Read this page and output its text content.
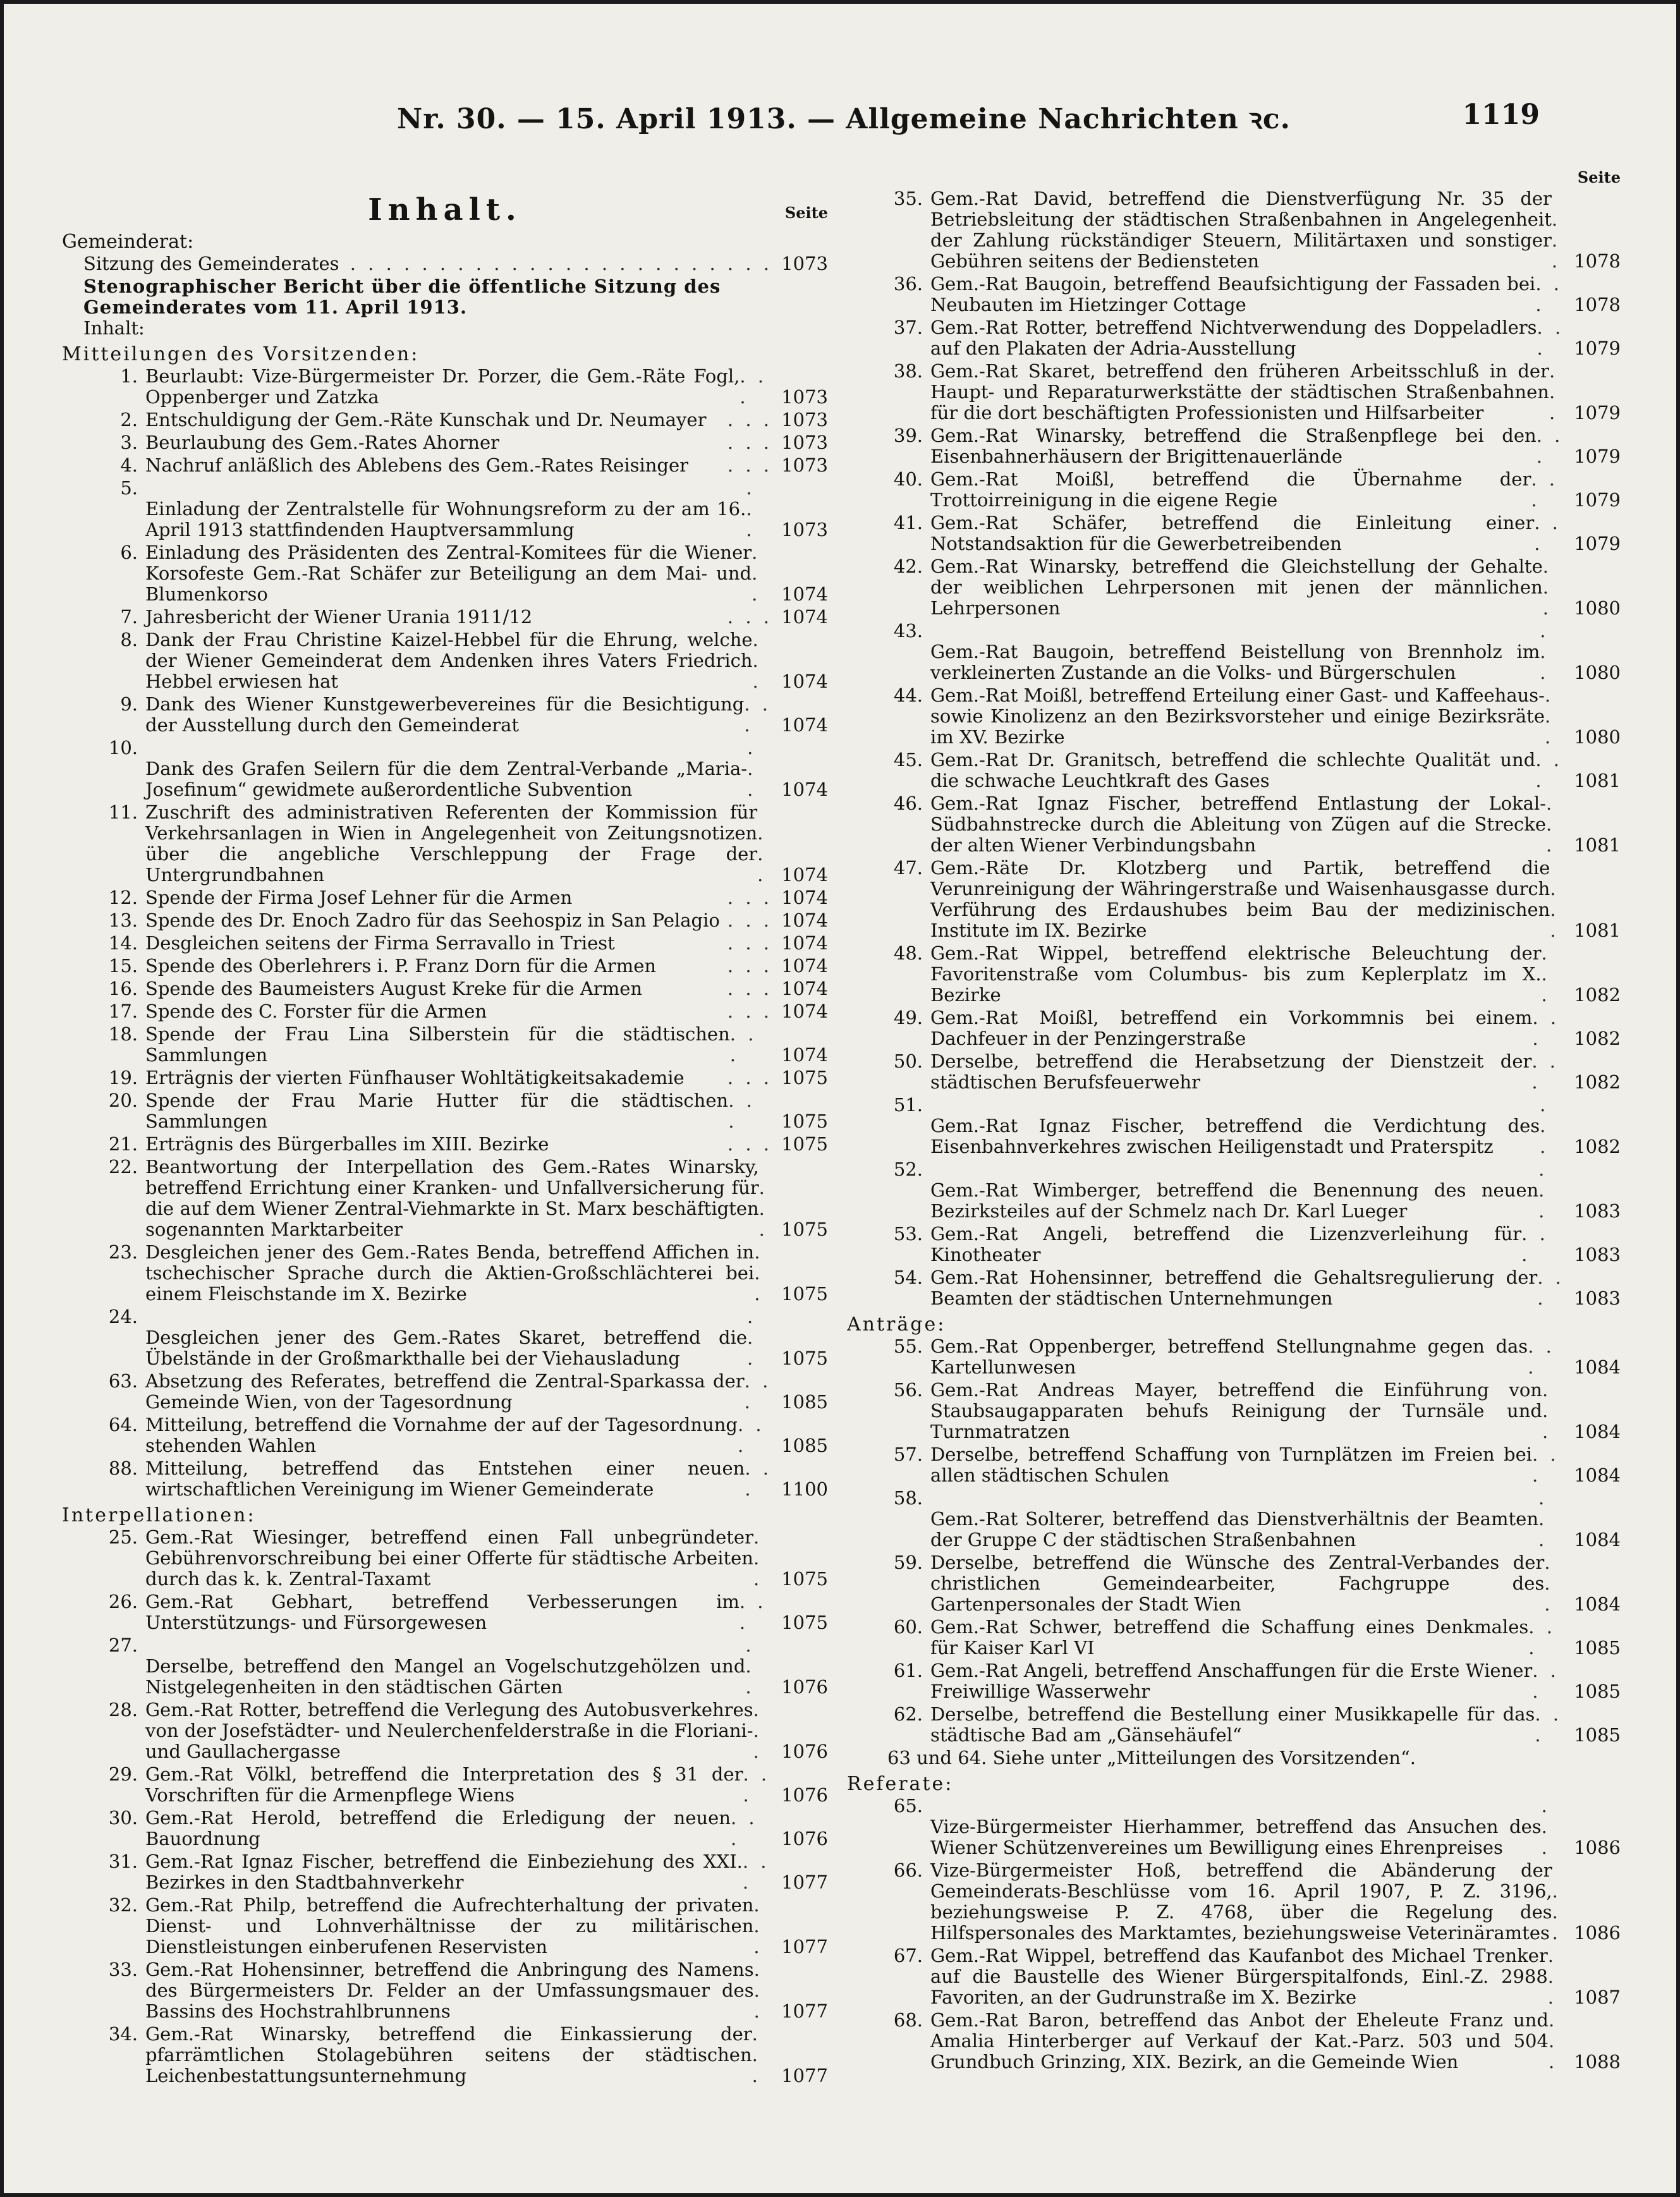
Nr. 30. — 15. April 1913. — Allgemeine Nachrichten ꝛc.	1119
Inhalt.	Seite
Gemeinderat:
Sitzung des Gemeinderates . . . . . . . . . . . . . . . . . . . . . . . . 1073
Stenographischer Bericht über die öffentliche Sitzung des Gemeinderates vom 11. April 1913.
Inhalt:
Mitteilungen des Vorsitzenden:
1. Beurlaubt: Vize-Bürgermeister Dr. Porzer, die Gem.-Räte Fogl, Oppenberger und Zatzka
. . .	1073
2. Entschuldigung der Gem.-Räte Kunschak und Dr. Neumayer	. . . 1073
3. Beurlaubung des Gem.-Rates Ahorner	. . . 1073
4. Nachruf anläßlich des Ablebens des Gem.-Rates Reisinger	. . . 1073
5.
Einladung der Zentralstelle für Wohnungsreform zu der am 16. April 1913 stattfindenden Hauptversammlung
. . .	1073
6. Einladung des Präsidenten des Zentral-Komitees für die Wiener Korsofeste Gem.-Rat Schäfer zur Beteiligung an dem Mai- und Blumenkorso
. . .	1074
7. Jahresbericht der Wiener Urania 1911/12	. . . 1074
8. Dank der Frau Christine Kaizel-Hebbel für die Ehrung, welche der Wiener Gemeinderat dem Andenken ihres Vaters Friedrich Hebbel erwiesen hat
. . .	1074
9. Dank des Wiener Kunstgewerbevereines für die Besichtigung der Ausstellung durch den Gemeinderat
. . .	1074
10.
Dank des Grafen Seilern für die dem Zentral-Verbande „Maria-Josefinum“ gewidmete außerordentliche Subvention
. . .	1074
11. Zuschrift des administrativen Referenten der Kommission für Verkehrsanlagen in Wien in Angelegenheit von Zeitungsnotizen über die angebliche Verschleppung der Frage der Untergrundbahnen
. . . 1074
12. Spende der Firma Josef Lehner für die Armen	. . . 1074
13. Spende des Dr. Enoch Zadro für das Seehospiz in San Pelagio . . . 1074
14. Desgleichen seitens der Firma Serravallo in Triest	. . . 1074
15. Spende des Oberlehrers i. P. Franz Dorn für die Armen	. . . 1074
16. Spende des Baumeisters August Kreke für die Armen	. . . 1074
17. Spende des C. Forster für die Armen	. . . 1074
18. Spende der Frau Lina Silberstein für die städtischen Sammlungen
. . .	1074
19. Erträgnis der vierten Fünfhauser Wohltätigkeitsakademie	. . . 1075
20. Spende der Frau Marie Hutter für die städtischen Sammlungen
. . .	1075
21. Erträgnis des Bürgerballes im XIII. Bezirke	. . . 1075
22. Beantwortung der Interpellation des Gem.-Rates Winarsky, betreffend Errichtung einer Kranken- und Unfallversicherung für die auf dem Wiener Zentral-Viehmarkte in St. Marx beschäftigten sogenannten Marktarbeiter
. . . 1075
23. Desgleichen jener des Gem.-Rates Benda, betreffend Affichen in tschechischer Sprache durch die Aktien-Großschlächterei bei einem Fleischstande im X. Bezirke
. . . 1075
24.
Desgleichen jener des Gem.-Rates Skaret, betreffend die Übelstände in der Großmarkthalle bei der Viehausladung
. . .	1075
63. Absetzung des Referates, betreffend die Zentral-Sparkassa der Gemeinde Wien, von der Tagesordnung
. . .	1085
64. Mitteilung, betreffend die Vornahme der auf der Tagesordnung stehenden Wahlen
. . .	1085
88. Mitteilung, betreffend das Entstehen einer neuen wirtschaftlichen Vereinigung im Wiener Gemeinderate
. . .	1100
Interpellationen:
25. Gem.-Rat Wiesinger, betreffend einen Fall unbegründeter Gebührenvorschreibung bei einer Offerte für städtische Arbeiten durch das k. k. Zentral-Taxamt
. . .	1075
26. Gem.-Rat Gebhart, betreffend Verbesserungen im Unterstützungs- und Fürsorgewesen
. . .	1075
27.
Derselbe, betreffend den Mangel an Vogelschutzgehölzen und Nistgelegenheiten in den städtischen Gärten
. . .	1076
28. Gem.-Rat Rotter, betreffend die Verlegung des Autobusverkehres von der Josefstädter- und Neulerchenfelderstraße in die Floriani- und Gaullachergasse
. . .	1076
29. Gem.-Rat Völkl, betreffend die Interpretation des § 31 der Vorschriften für die Armenpflege Wiens
. . .	1076
30. Gem.-Rat Herold, betreffend die Erledigung der neuen Bauordnung
. . .	1076
31. Gem.-Rat Ignaz Fischer, betreffend die Einbeziehung des XXI. Bezirkes in den Stadtbahnverkehr
. . .	1077
32. Gem.-Rat Philp, betreffend die Aufrechterhaltung der privaten Dienst- und Lohnverhältnisse der zu militärischen Dienstleistungen einberufenen Reservisten
. . .	1077
33. Gem.-Rat Hohensinner, betreffend die Anbringung des Namens des Bürgermeisters Dr. Felder an der Umfassungsmauer des Bassins des Hochstrahlbrunnens
. . .	1077
34. Gem.-Rat Winarsky, betreffend die Einkassierung der pfarrämtlichen Stolagebühren seitens der städtischen Leichenbestattungsunternehmung
. . .	1077
Seite
35. Gem.-Rat David, betreffend die Dienstverfügung Nr. 35 der Betriebsleitung der städtischen Straßenbahnen in Angelegenheit der Zahlung rückständiger Steuern, Militärtaxen und sonstiger Gebühren seitens der Bediensteten
. . . 1078
36. Gem.-Rat Baugoin, betreffend Beaufsichtigung der Fassaden bei Neubauten im Hietzinger Cottage
. . .	1078
37. Gem.-Rat Rotter, betreffend Nichtverwendung des Doppeladlers auf den Plakaten der Adria-Ausstellung
. . .	1079
38. Gem.-Rat Skaret, betreffend den früheren Arbeitsschluß in der Haupt- und Reparaturwerkstätte der städtischen Straßenbahnen für die dort beschäftigten Professionisten und Hilfsarbeiter
. . . 1079
39. Gem.-Rat Winarsky, betreffend die Straßenpflege bei den Eisenbahnerhäusern der Brigittenauerlände
. . .	1079
40. Gem.-Rat Moißl, betreffend die Übernahme der Trottoirreinigung in die eigene Regie
. . .	1079
41. Gem.-Rat Schäfer, betreffend die Einleitung einer Notstandsaktion für die Gewerbetreibenden
. . .	1079
42. Gem.-Rat Winarsky, betreffend die Gleichstellung der Gehalte der weiblichen Lehrpersonen mit jenen der männlichen Lehrpersonen
. . .	1080
43.
Gem.-Rat Baugoin, betreffend Beistellung von Brennholz im verkleinerten Zustande an die Volks- und Bürgerschulen
. . .	1080
44. Gem.-Rat Moißl, betreffend Erteilung einer Gast- und Kaffeehaus- sowie Kinolizenz an den Bezirksvorsteher und einige Bezirksräte im XV. Bezirke
. . .	1080
45. Gem.-Rat Dr. Granitsch, betreffend die schlechte Qualität und die schwache Leuchtkraft des Gases
. . .	1081
46. Gem.-Rat Ignaz Fischer, betreffend Entlastung der Lokal-Südbahnstrecke durch die Ableitung von Zügen auf die Strecke der alten Wiener Verbindungsbahn
. . .	1081
47. Gem.-Räte Dr. Klotzberg und Partik, betreffend die Verunreinigung der Währingerstraße und Waisenhausgasse durch Verführung des Erdaushubes beim Bau der medizinischen Institute im IX. Bezirke
. . . 1081
48. Gem.-Rat Wippel, betreffend elektrische Beleuchtung der Favoritenstraße vom Columbus- bis zum Keplerplatz im X. Bezirke
. . .	1082
49. Gem.-Rat Moißl, betreffend ein Vorkommnis bei einem Dachfeuer in der Penzingerstraße
. . .	1082
50. Derselbe, betreffend die Herabsetzung der Dienstzeit der städtischen Berufsfeuerwehr
. . .	1082
51.
Gem.-Rat Ignaz Fischer, betreffend die Verdichtung des Eisenbahnverkehres zwischen Heiligenstadt und Praterspitz
. . .	1082
52.
Gem.-Rat Wimberger, betreffend die Benennung des neuen Bezirksteiles auf der Schmelz nach Dr. Karl Lueger
. . .	1083
53. Gem.-Rat Angeli, betreffend die Lizenzverleihung für Kinotheater
. . .	1083
54. Gem.-Rat Hohensinner, betreffend die Gehaltsregulierung der Beamten der städtischen Unternehmungen
. . .	1083
Anträge:
55. Gem.-Rat Oppenberger, betreffend Stellungnahme gegen das Kartellunwesen
. . .	1084
56. Gem.-Rat Andreas Mayer, betreffend die Einführung von Staubsaugapparaten behufs Reinigung der Turnsäle und Turnmatratzen
. . .	1084
57. Derselbe, betreffend Schaffung von Turnplätzen im Freien bei allen städtischen Schulen
. . .	1084
58.
Gem.-Rat Solterer, betreffend das Dienstverhältnis der Beamten der Gruppe C der städtischen Straßenbahnen
. . .	1084
59. Derselbe, betreffend die Wünsche des Zentral-Verbandes der christlichen Gemeindearbeiter, Fachgruppe des Gartenpersonales der Stadt Wien
. . .	1084
60. Gem.-Rat Schwer, betreffend die Schaffung eines Denkmales für Kaiser Karl VI
. . .	1085
61. Gem.-Rat Angeli, betreffend Anschaffungen für die Erste Wiener Freiwillige Wasserwehr
. . .	1085
62. Derselbe, betreffend die Bestellung einer Musikkapelle für das städtische Bad am „Gänsehäufel“
. . .	1085
63 und 64. Siehe unter „Mitteilungen des Vorsitzenden“.
Referate:
65.
Vize-Bürgermeister Hierhammer, betreffend das Ansuchen des Wiener Schützenvereines um Bewilligung eines Ehrenpreises
. . .	1086
66. Vize-Bürgermeister Hoß, betreffend die Abänderung der Gemeinderats-Beschlüsse vom 16. April 1907, P. Z. 3196, beziehungsweise P. Z. 4768, über die Regelung des Hilfspersonales des Marktamtes, beziehungsweise Veterinäramtes
. . . 1086
67. Gem.-Rat Wippel, betreffend das Kaufanbot des Michael Trenker auf die Baustelle des Wiener Bürgerspitalfonds, Einl.-Z. 2988 Favoriten, an der Gudrunstraße im X. Bezirke
. . . 1087
68. Gem.-Rat Baron, betreffend das Anbot der Eheleute Franz und Amalia Hinterberger auf Verkauf der Kat.-Parz. 503 und 504 Grundbuch Grinzing, XIX. Bezirk, an die Gemeinde Wien
. . . 1088
